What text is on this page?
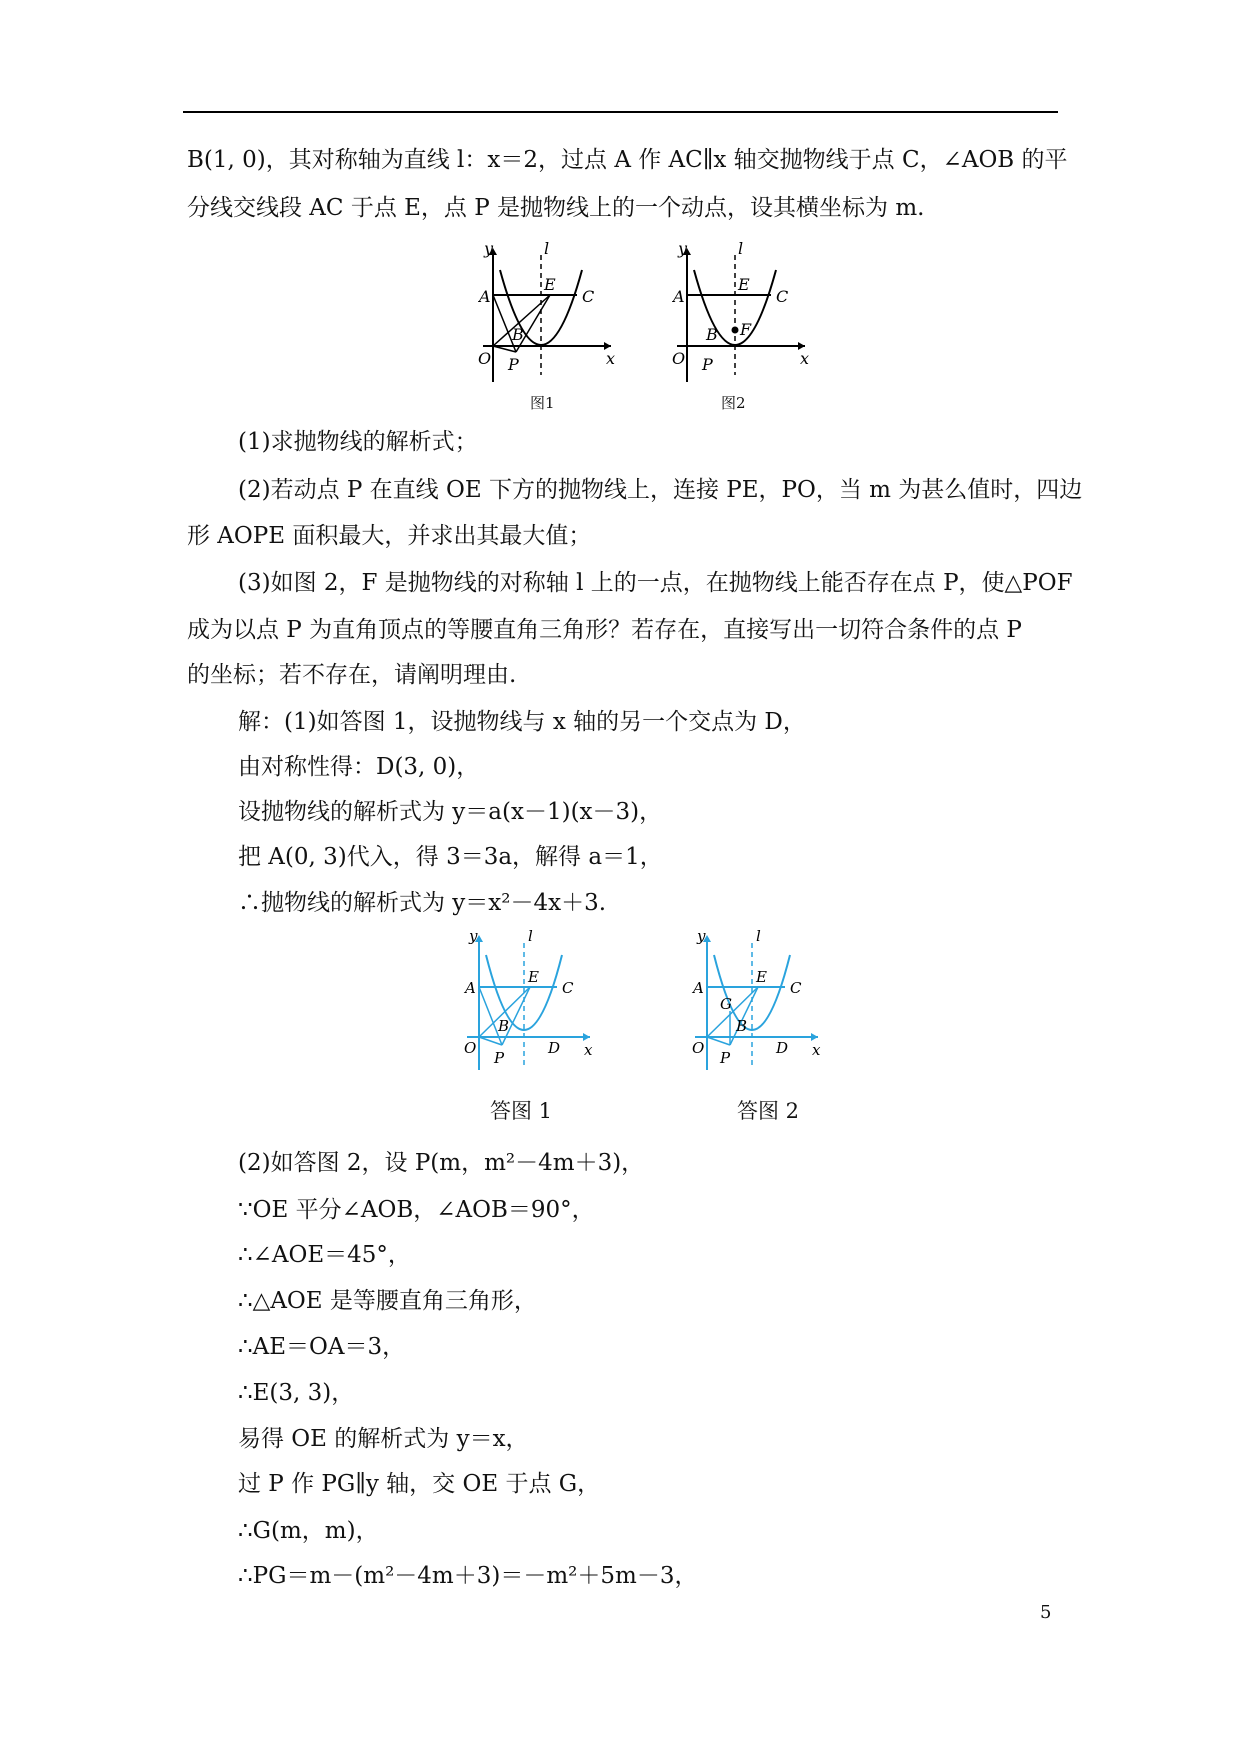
B(1, 0)，其对称轴为直线 l：x＝2，过点 A 作 AC∥x 轴交抛物线于点 C，∠AOB 的平
分线交线段 AC 于点 E，点 P 是抛物线上的一个动点，设其横坐标为 m.
y	l
A
E
C
B
O P	x
图1
y	l
A
E
C
B F
O P	x
图2
(1)求抛物线的解析式；
(2)若动点 P 在直线 OE 下方的抛物线上，连接 PE，PO，当 m 为甚么值时，四边
形 AOPE 面积最大，并求出其最大值；
(3)如图 2，F 是抛物线的对称轴 l 上的一点，在抛物线上能否存在点 P，使△POF
成为以点 P 为直角顶点的等腰直角三角形？若存在，直接写出一切符合条件的点 P
的坐标；若不存在，请阐明理由.
解：(1)如答图 1，设抛物线与 x 轴的另一个交点为 D，
由对称性得：D(3, 0)，
设抛物线的解析式为 y＝a(x－1)(x－3)，
把 A(0, 3)代入，得 3＝3a，解得 a＝1，
∴抛物线的解析式为 y＝x²－4x＋3.
y	l
A
E
C
B
O
P
D x
答图 1
y	l
A
E
C
G
B
O
P
D x
答图 2
(2)如答图 2，设 P(m，m²－4m＋3)，
∵OE 平分∠AOB，∠AOB＝90°，
∴∠AOE＝45°，
∴△AOE 是等腰直角三角形，
∴AE＝OA＝3，
∴E(3, 3)，
易得 OE 的解析式为 y＝x，
过 P 作 PG∥y 轴，交 OE 于点 G，
∴G(m，m)，
∴PG＝m－(m²－4m＋3)＝－m²＋5m－3，
5
